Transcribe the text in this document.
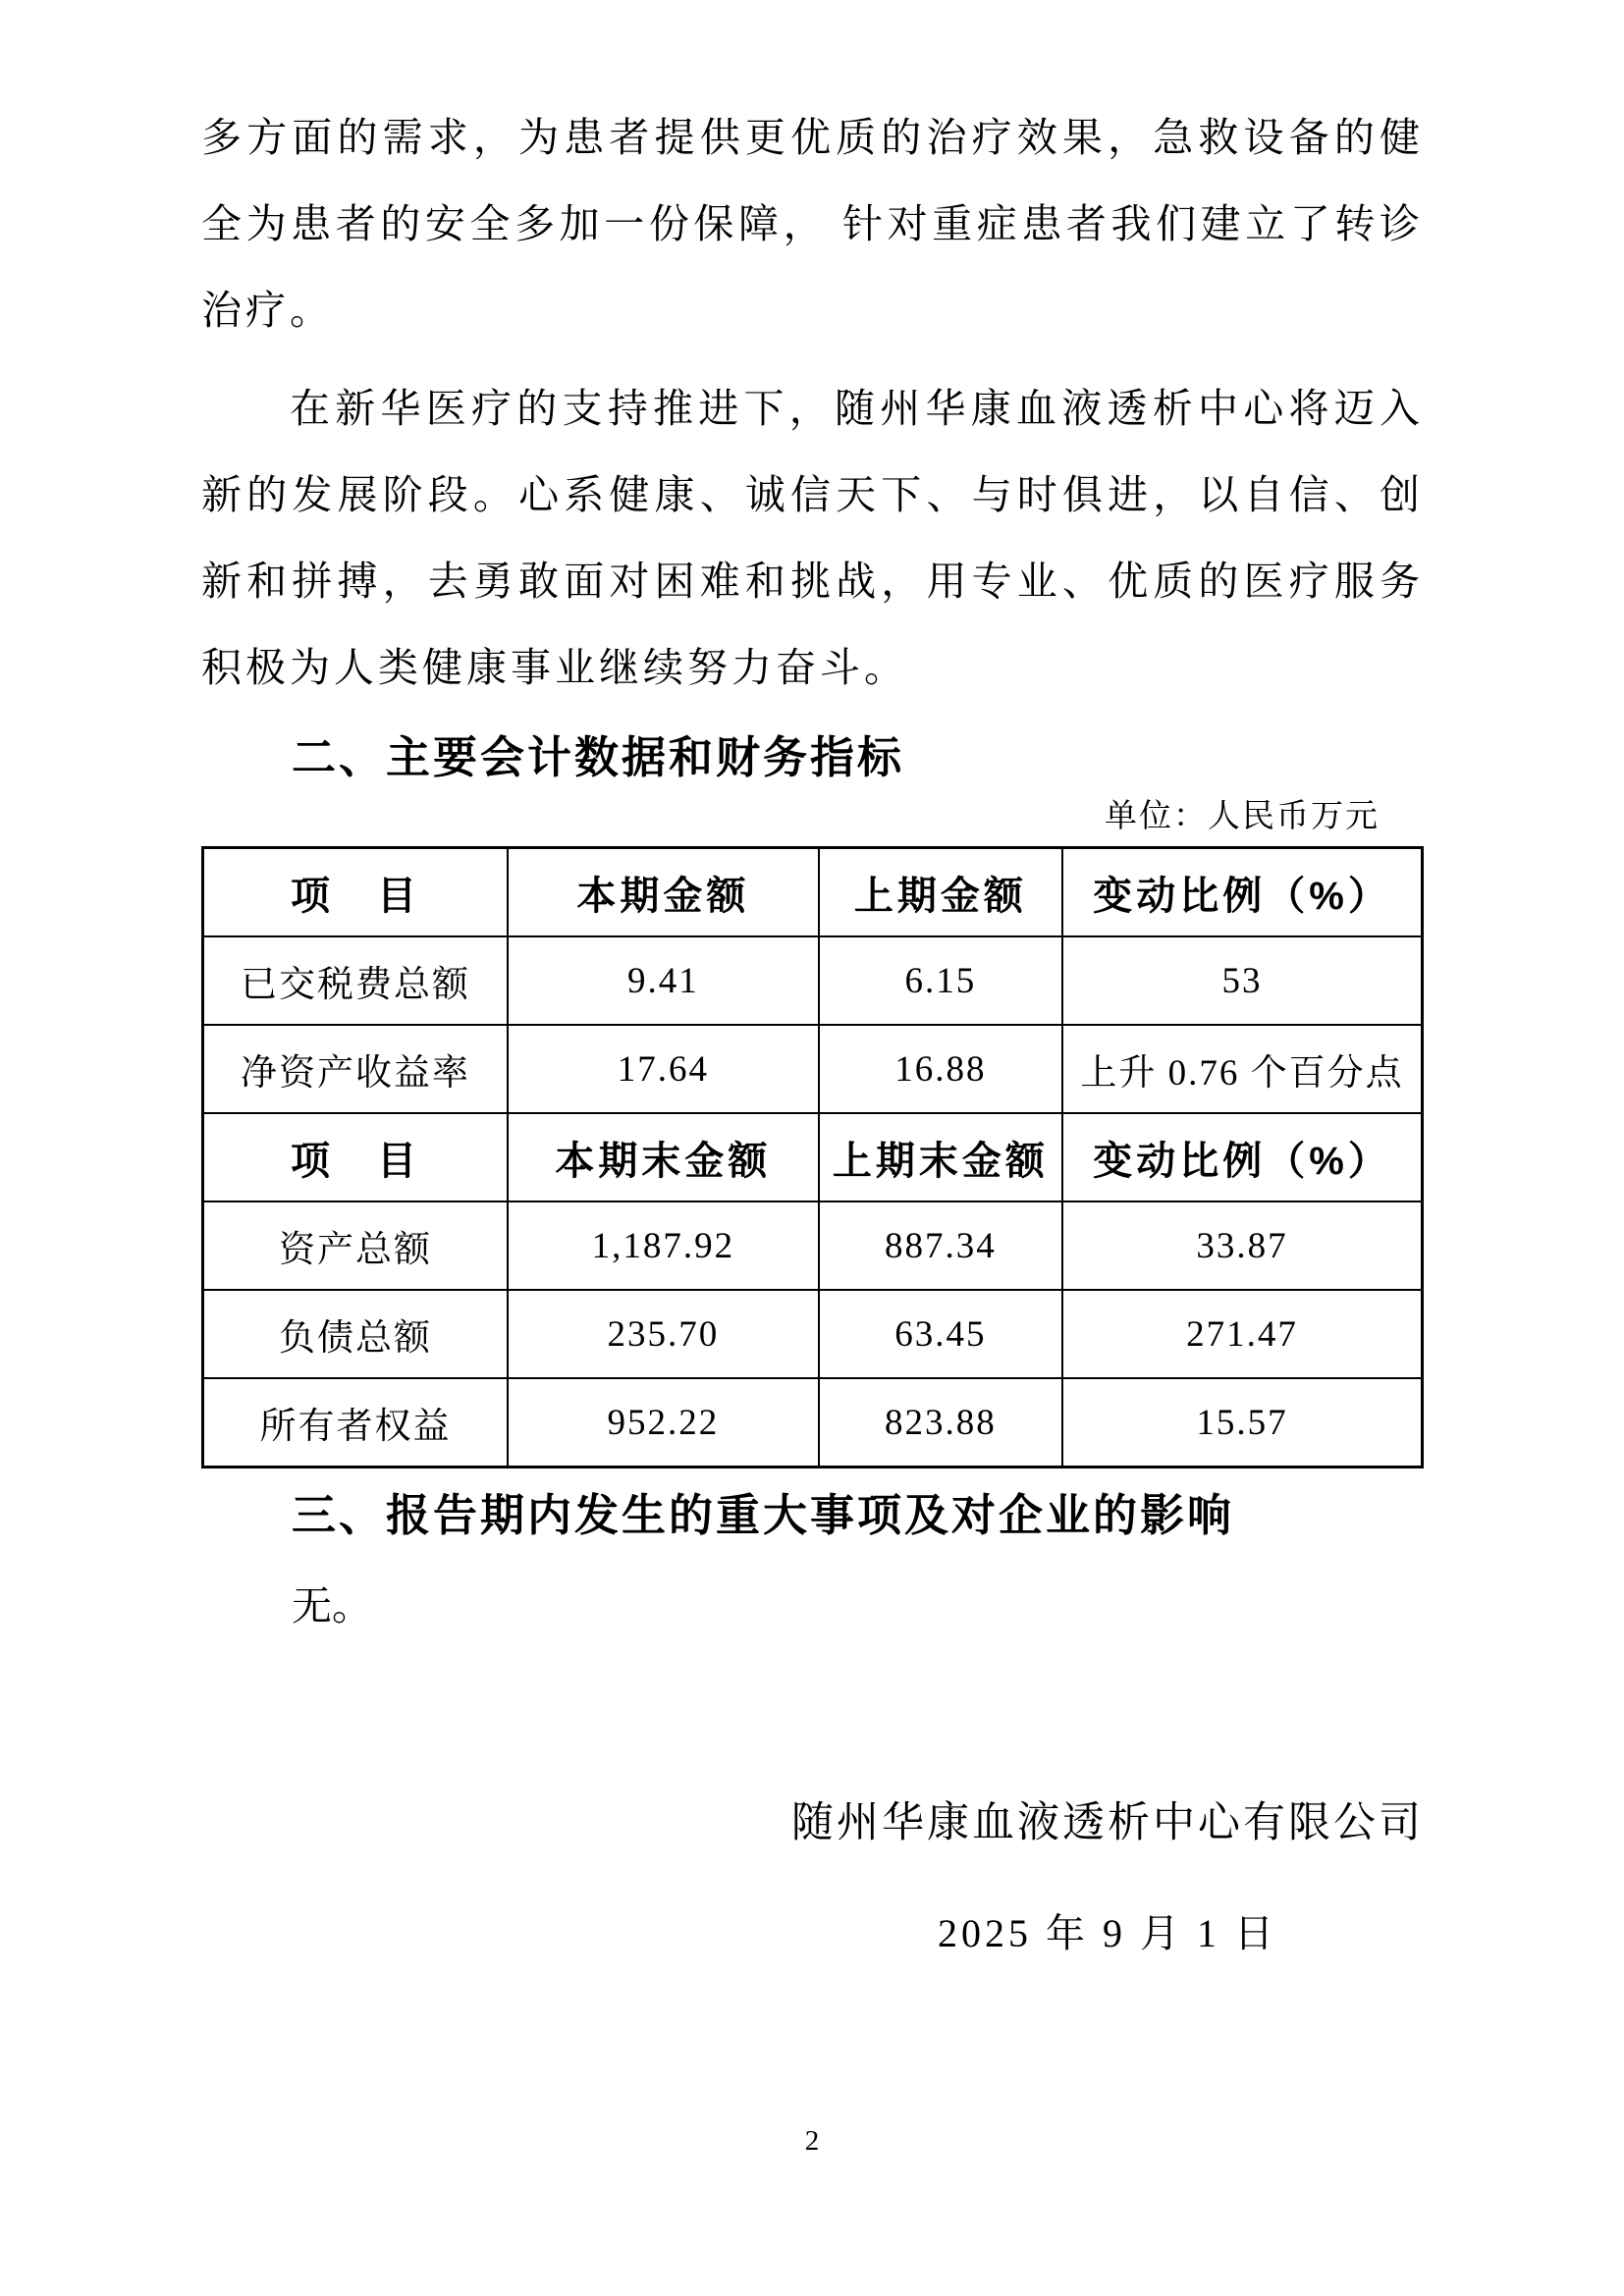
多方面的需求，为患者提供更优质的治疗效果，急救设备的健全为患者的安全多加一份保障， 针对重症患者我们建立了转诊治疗。

在新华医疗的支持推进下，随州华康血液透析中心将迈入新的发展阶段。心系健康、诚信天下、与时俱进，以自信、创新和拼搏，去勇敢面对困难和挑战，用专业、优质的医疗服务积极为人类健康事业继续努力奋斗。

二、主要会计数据和财务指标
单位：人民币万元
项　目	本期金额	上期金额	变动比例（%）
已交税费总额	9.41	6.15	53
净资产收益率	17.64	16.88	上升 0.76 个百分点
项　目	本期末金额	上期末金额	变动比例（%）
资产总额	1,187.92	887.34	33.87
负债总额	235.70	63.45	271.47
所有者权益	952.22	823.88	15.57
三、报告期内发生的重大事项及对企业的影响
无。
随州华康血液透析中心有限公司
2025 年 9 月 1 日
2
